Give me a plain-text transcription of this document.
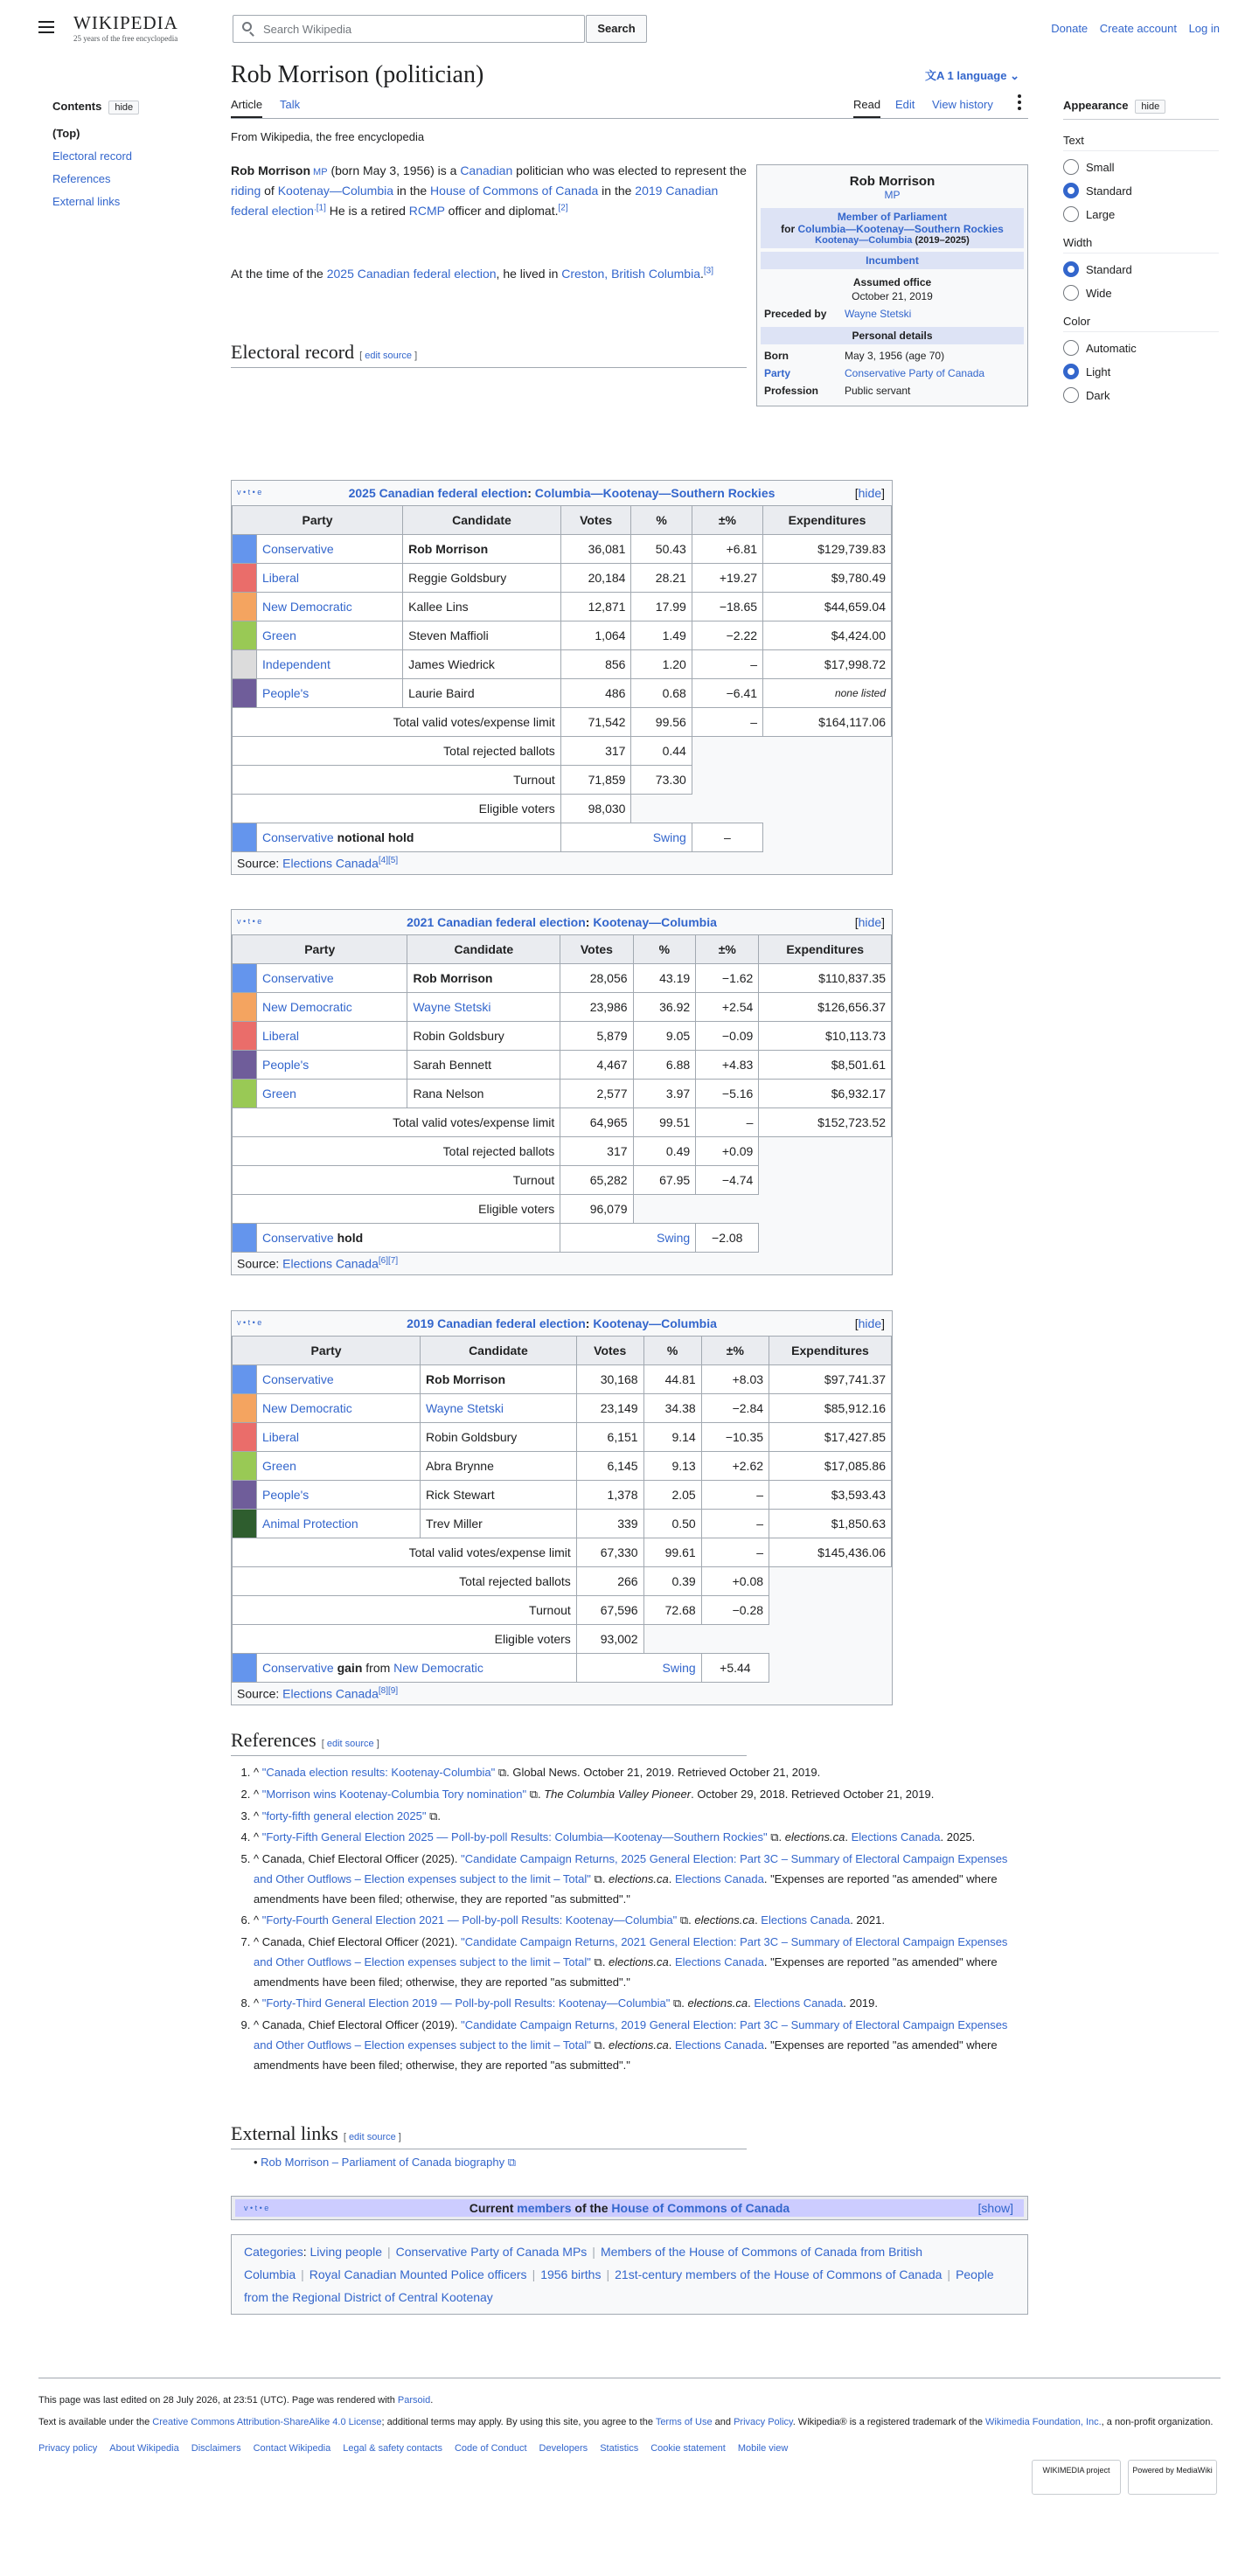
WIKIPEDIA
25 years of the free encyclopedia
Search Wikipedia	Search	Donate Create account Log in
Contents hide
(Top)
Electoral record
References
External links
Rob Morrison (politician)	文A 1 language ⌄
Article Talk	Read Edit View history
From Wikipedia, the free encyclopedia
Rob Morrison MP (born May 3, 1956) is a Canadian politician who was elected to represent the riding of Kootenay—Columbia in the House of Commons of Canada in the 2019 Canadian federal election$^{.[1]}$ He is a retired RCMP officer and diplomat.[2]
At the time of the 2025 Canadian federal election, he lived in Creston, British Columbia.[3]
Rob Morrison
MP
Member of Parliament
for Columbia—Kootenay—Southern Rockies
Kootenay—Columbia (2019–2025)
Incumbent
Assumed office
October 21, 2019
Preceded by	Wayne Stetski
Personal details
Born	May 3, 1956 (age 70)
Party	Conservative Party of Canada
Profession	Public servant
Electoral record [ edit source ]
v • t • e	2025 Canadian federal election: Columbia—Kootenay—Southern Rockies	[hide]
Party		Candidate	Votes	%	±%	Expenditures
	Conservative	Rob Morrison	36,081	50.43	+6.81	$129,739.83
	Liberal	Reggie Goldsbury	20,184	28.21	+19.27	$9,780.49
	New Democratic	Kallee Lins	12,871	17.99	−18.65	$44,659.04
	Green	Steven Maffioli	1,064	1.49	−2.22	$4,424.00
	Independent	James Wiedrick	856	1.20	–	$17,998.72
	People's	Laurie Baird	486	0.68	−6.41	none listed
Total valid votes/expense limit			71,542	99.56	–	$164,117.06
Total rejected ballots			317	0.44		
Turnout			71,859	73.30		
Eligible voters			98,030			
	Conservative notional hold		Swing		–	
Source: Elections Canada[4][5]
v • t • e	2021 Canadian federal election: Kootenay—Columbia	[hide]
Party		Candidate	Votes	%	±%	Expenditures
	Conservative	Rob Morrison	28,056	43.19	−1.62	$110,837.35
	New Democratic	Wayne Stetski	23,986	36.92	+2.54	$126,656.37
	Liberal	Robin Goldsbury	5,879	9.05	−0.09	$10,113.73
	People's	Sarah Bennett	4,467	6.88	+4.83	$8,501.61
	Green	Rana Nelson	2,577	3.97	−5.16	$6,932.17
Total valid votes/expense limit			64,965	99.51	–	$152,723.52
Total rejected ballots			317	0.49	+0.09	
Turnout			65,282	67.95	−4.74	
Eligible voters			96,079			
	Conservative hold		Swing		−2.08	
Source: Elections Canada[6][7]
v • t • e	2019 Canadian federal election: Kootenay—Columbia	[hide]
Party		Candidate	Votes	%	±%	Expenditures
	Conservative	Rob Morrison	30,168	44.81	+8.03	$97,741.37
	New Democratic	Wayne Stetski	23,149	34.38	−2.84	$85,912.16
	Liberal	Robin Goldsbury	6,151	9.14	−10.35	$17,427.85
	Green	Abra Brynne	6,145	9.13	+2.62	$17,085.86
	People's	Rick Stewart	1,378	2.05	–	$3,593.43
	Animal Protection	Trev Miller	339	0.50	–	$1,850.63
Total valid votes/expense limit			67,330	99.61	–	$145,436.06
Total rejected ballots			266	0.39	+0.08	
Turnout			67,596	72.68	−0.28	
Eligible voters			93,002			
	Conservative gain from New Democratic		Swing		+5.44	
Source: Elections Canada[8][9]
References [ edit source ]
1. ^ "Canada election results: Kootenay-Columbia" ⧉. Global News. October 21, 2019. Retrieved October 21, 2019.
2. ^ "Morrison wins Kootenay-Columbia Tory nomination" ⧉. The Columbia Valley Pioneer. October 29, 2018. Retrieved October 21, 2019.
3. ^ "forty-fifth general election 2025" ⧉.
4. ^ "Forty-Fifth General Election 2025 — Poll-by-poll Results: Columbia—Kootenay—Southern Rockies" ⧉. elections.ca. Elections Canada. 2025.
5. ^ Canada, Chief Electoral Officer (2025). "Candidate Campaign Returns, 2025 General Election: Part 3C – Summary of Electoral Campaign Expenses and Other Outflows – Election expenses subject to the limit – Total" ⧉. elections.ca. Elections Canada. "Expenses are reported "as amended" where amendments have been filed; otherwise, they are reported "as submitted"."
6. ^ "Forty-Fourth General Election 2021 — Poll-by-poll Results: Kootenay—Columbia" ⧉. elections.ca. Elections Canada. 2021.
7. ^ Canada, Chief Electoral Officer (2021). "Candidate Campaign Returns, 2021 General Election: Part 3C – Summary of Electoral Campaign Expenses and Other Outflows – Election expenses subject to the limit – Total" ⧉. elections.ca. Elections Canada. "Expenses are reported "as amended" where amendments have been filed; otherwise, they are reported "as submitted"."
8. ^ "Forty-Third General Election 2019 — Poll-by-poll Results: Kootenay—Columbia" ⧉. elections.ca. Elections Canada. 2019.
9. ^ Canada, Chief Electoral Officer (2019). "Candidate Campaign Returns, 2019 General Election: Part 3C – Summary of Electoral Campaign Expenses and Other Outflows – Election expenses subject to the limit – Total" ⧉. elections.ca. Elections Canada. "Expenses are reported "as amended" where amendments have been filed; otherwise, they are reported "as submitted"."
External links [ edit source ]
• Rob Morrison – Parliament of Canada biography ⧉
v • t • e	Current members of the House of Commons of Canada	[show]
Categories: Living people | Conservative Party of Canada MPs | Members of the House of Commons of Canada from British Columbia | Royal Canadian Mounted Police officers | 1956 births | 21st-century members of the House of Commons of Canada | People from the Regional District of Central Kootenay
This page was last edited on 28 July 2026, at 23:51 (UTC). Page was rendered with Parsoid.
Text is available under the Creative Commons Attribution-ShareAlike 4.0 License; additional terms may apply. By using this site, you agree to the Terms of Use and Privacy Policy. Wikipedia® is a registered trademark of the Wikimedia Foundation, Inc., a non-profit organization.
Privacy policy About Wikipedia Disclaimers Contact Wikipedia Legal & safety contacts Code of Conduct Developers Statistics Cookie statement Mobile view
WIKIMEDIA project	Powered by MediaWiki
Appearance hide
Text
Small
Standard
Large
Width
Standard
Wide
Color
Automatic
Light
Dark
